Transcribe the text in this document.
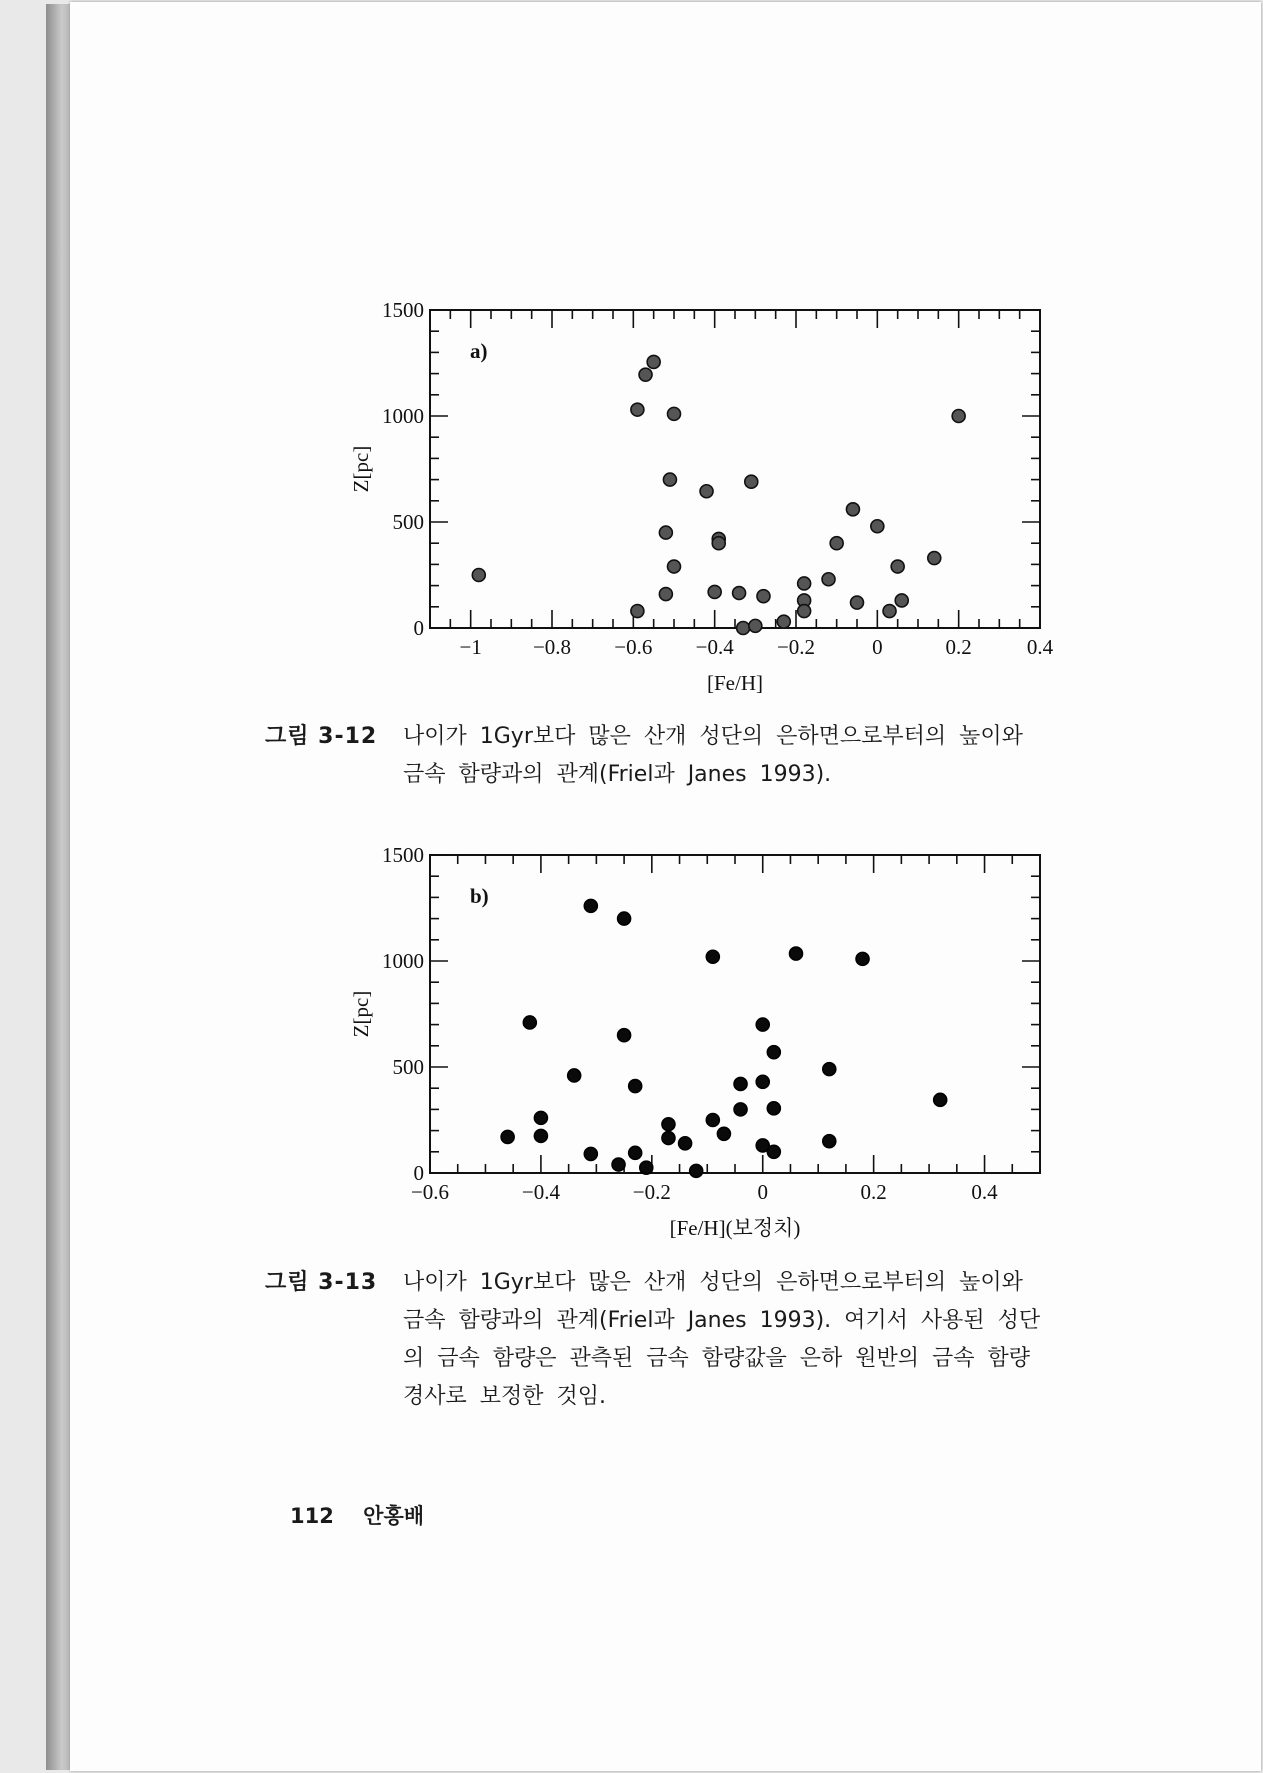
−1 −0.8 −0.6 −0.4 −0.2	0	0.2	0.4
0
500
1000
1500
[Fe/H]
Z[pc]
a)
그림 3-12 나이가 1Gyr보다 많은 산개 성단의 은하면으로부터의 높이와
금속 함량과의 관계(Friel과 Janes 1993).
−0.6	−0.4	−0.2	0	0.2	0.4
0
500
1000
1500
[Fe/H](보정치)
Z[pc]
b)
그림 3-13 나이가 1Gyr보다 많은 산개 성단의 은하면으로부터의 높이와
금속 함량과의 관계(Friel과 Janes 1993). 여기서 사용된 성단
의 금속 함량은 관측된 금속 함량값을 은하 원반의 금속 함량
경사로 보정한 것임.
112 안홍배
